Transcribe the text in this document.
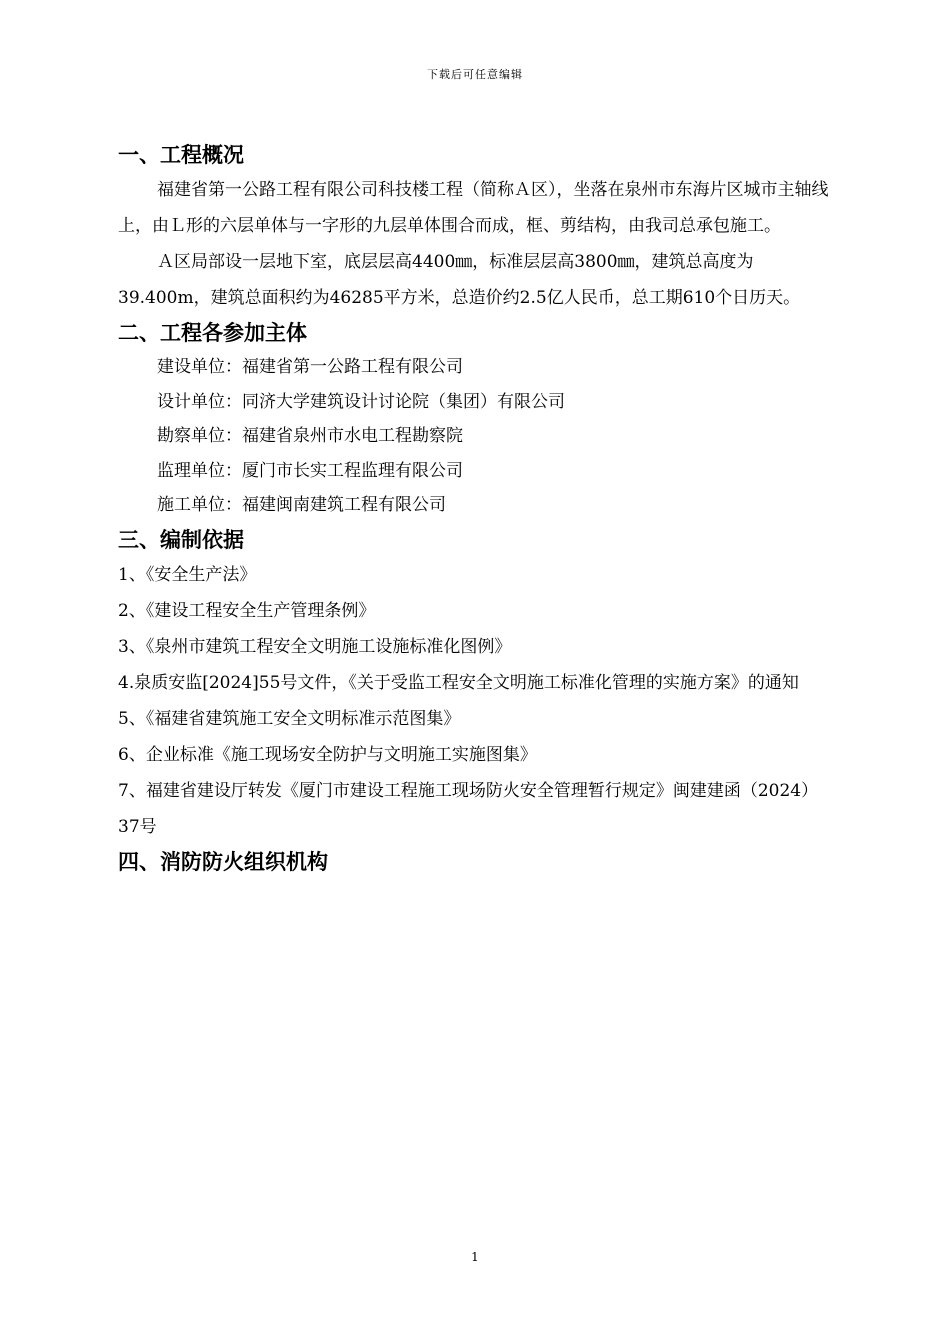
下载后可任意编辑
一、工程概况

福建省第一公路工程有限公司科技楼工程（简称Ａ区），坐落在泉州市东海片区城市主轴线上，由Ｌ形的六层单体与一字形的九层单体围合而成，框、剪结构，由我司总承包施工。

Ａ区局部设一层地下室，底层层高4400㎜，标准层层高3800㎜，建筑总高度为39.400m，建筑总面积约为46285平方米，总造价约2.5亿人民币，总工期610个日历天。

二、工程各参加主体

建设单位：福建省第一公路工程有限公司

设计单位：同济大学建筑设计讨论院（集团）有限公司

勘察单位：福建省泉州市水电工程勘察院

监理单位：厦门市长实工程监理有限公司

施工单位：福建闽南建筑工程有限公司

三、编制依据

1、《安全生产法》

2、《建设工程安全生产管理条例》

3、《泉州市建筑工程安全文明施工设施标准化图例》

4.泉质安监[2024]55号文件，《关于受监工程安全文明施工标准化管理的实施方案》的通知

5、《福建省建筑施工安全文明标准示范图集》

6、企业标准《施工现场安全防护与文明施工实施图集》

7、福建省建设厅转发《厦门市建设工程施工现场防火安全管理暂行规定》闽建建函（2024）37号

四、消防防火组织机构
1
